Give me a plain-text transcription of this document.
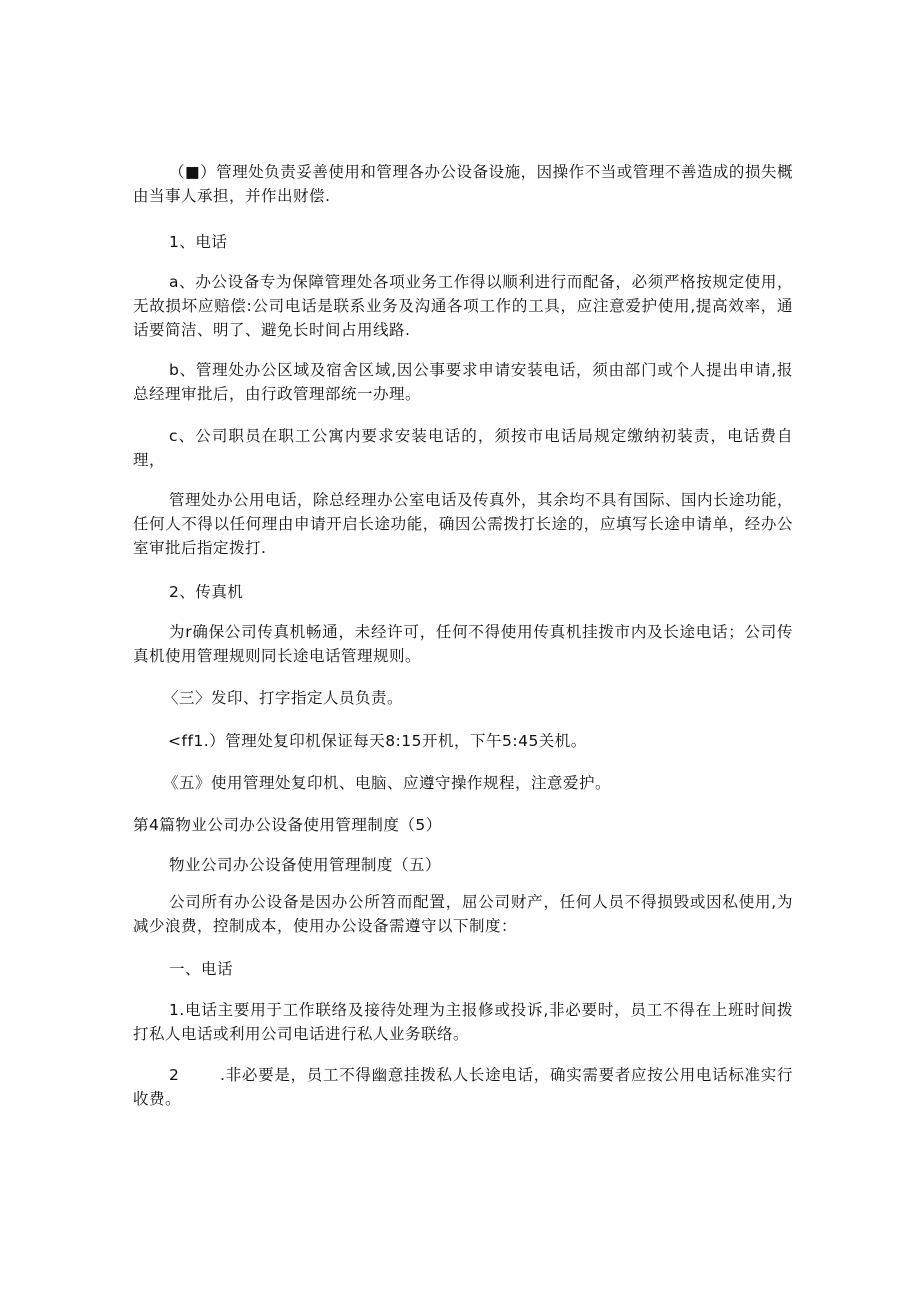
（■）管理处负责妥善使用和管理各办公设备设施，因操作不当或管理不善造成的损失概由当事人承担，并作出财偿.

1、电话

a、办公设备专为保障管理处各项业务工作得以顺利进行而配备，必须严格按规定使用，无故损坏应赔偿:公司电话是联系业务及沟通各项工作的工具，应注意爱护使用,提高效率，通话要简洁、明了、避免长时间占用线路.

b、管理处办公区域及宿舍区域,因公事要求申请安装电话，须由部门或个人提出申请,报总经理审批后，由行政管理部统一办理。

c、公司职员在职工公寓内要求安装电话的，须按市电话局规定缴纳初装责，电话费自理，

管理处办公用电话，除总经理办公室电话及传真外，其余均不具有国际、国内长途功能，任何人不得以任何理由申请开启长途功能，确因公需拨打长途的，应填写长途申请单，经办公室审批后指定拨打.

2、传真机

为r确保公司传真机畅通，未经许可，任何不得使用传真机挂拨市内及长途电话；公司传真机使用管理规则同长途电话管理规则。

〈三〉发印、打字指定人员负责。

<ff1.）管理处复印机保证每天8:15开机，下午5:45关机。

《五》使用管理处复印机、电脑、应遵守操作规程，注意爱护。

第4篇物业公司办公设备使用管理制度（5）

物业公司办公设备使用管理制度（五）

公司所有办公设备是因办公所笤而配置，屈公司财产，任何人员不得损毁或因私使用,为减少浪费，控制成本，使用办公设备需遵守以下制度：

一、电话

1.电话主要用于工作联络及接待处理为主报修或投诉,非必要时，员工不得在上班时间拨打私人电话或利用公司电话进行私人业务联络。

2	.非必要是，员工不得幽意挂拨私人长途电话，确实需要者应按公用电话标准实行收费。
